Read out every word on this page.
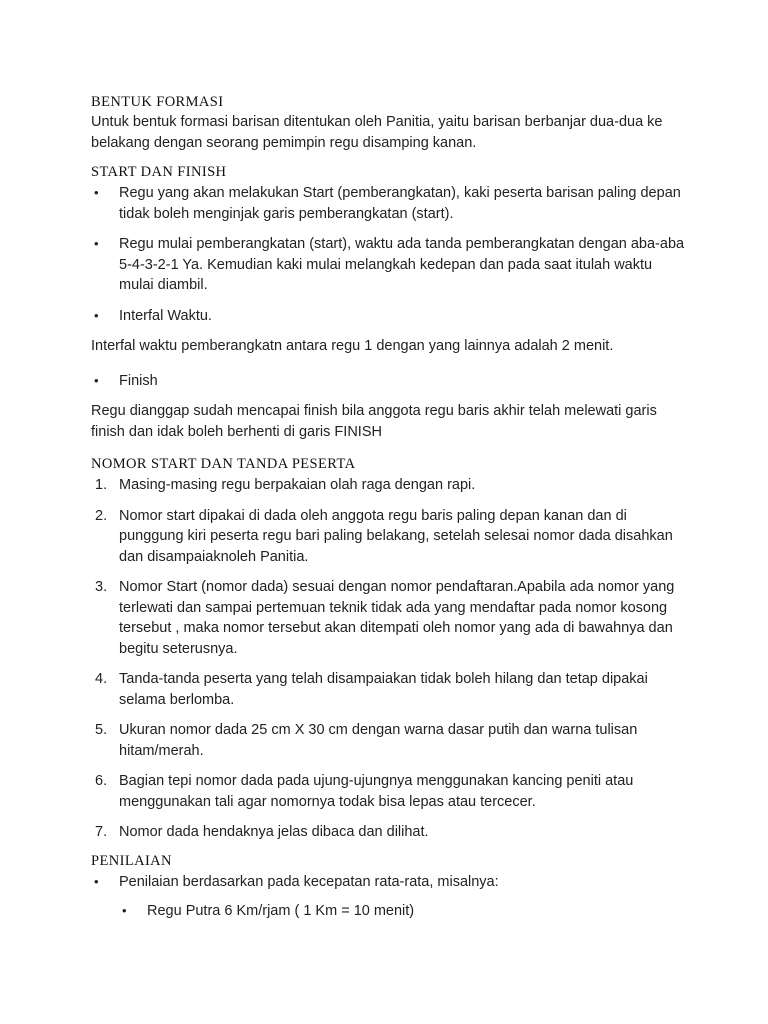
BENTUK FORMASI

Untuk bentuk formasi barisan ditentukan oleh Panitia, yaitu barisan berbanjar dua-dua ke belakang dengan seorang pemimpin regu disamping kanan.

START DAN FINISH
• Regu yang akan melakukan Start (pemberangkatan), kaki peserta barisan paling depan tidak boleh menginjak garis pemberangkatan (start).
• Regu mulai pemberangkatan (start), waktu ada tanda pemberangkatan dengan aba-aba 5-4-3-2-1 Ya. Kemudian kaki mulai melangkah kedepan dan pada saat itulah waktu mulai diambil.
• Interfal Waktu.

Interfal waktu pemberangkatn antara regu 1 dengan yang lainnya adalah 2 menit.

• Finish

Regu dianggap sudah mencapai finish bila anggota regu baris akhir telah melewati garis finish dan idak boleh berhenti di garis FINISH

NOMOR START DAN TANDA PESERTA
1. Masing-masing regu berpakaian olah raga dengan rapi.
2. Nomor start dipakai di dada oleh anggota regu baris paling depan kanan dan di punggung kiri peserta regu bari paling belakang, setelah selesai nomor dada disahkan dan disampaiaknoleh Panitia.
3. Nomor Start (nomor dada) sesuai dengan nomor pendaftaran.Apabila ada nomor yang terlewati dan sampai pertemuan teknik tidak ada yang mendaftar pada nomor kosong tersebut , maka nomor tersebut akan ditempati oleh nomor yang ada di bawahnya dan begitu seterusnya.
4. Tanda-tanda peserta yang telah disampaiakan tidak boleh hilang dan tetap dipakai selama berlomba.
5. Ukuran nomor dada 25 cm X 30 cm dengan warna dasar putih dan warna tulisan hitam/merah.
6. Bagian tepi nomor dada pada ujung-ujungnya menggunakan kancing peniti atau menggunakan tali agar nomornya todak bisa lepas atau tercecer.
7. Nomor dada hendaknya jelas dibaca dan dilihat.
PENILAIAN
• Penilaian berdasarkan pada kecepatan rata-rata, misalnya:
• Regu Putra 6 Km/rjam ( 1 Km = 10 menit)
